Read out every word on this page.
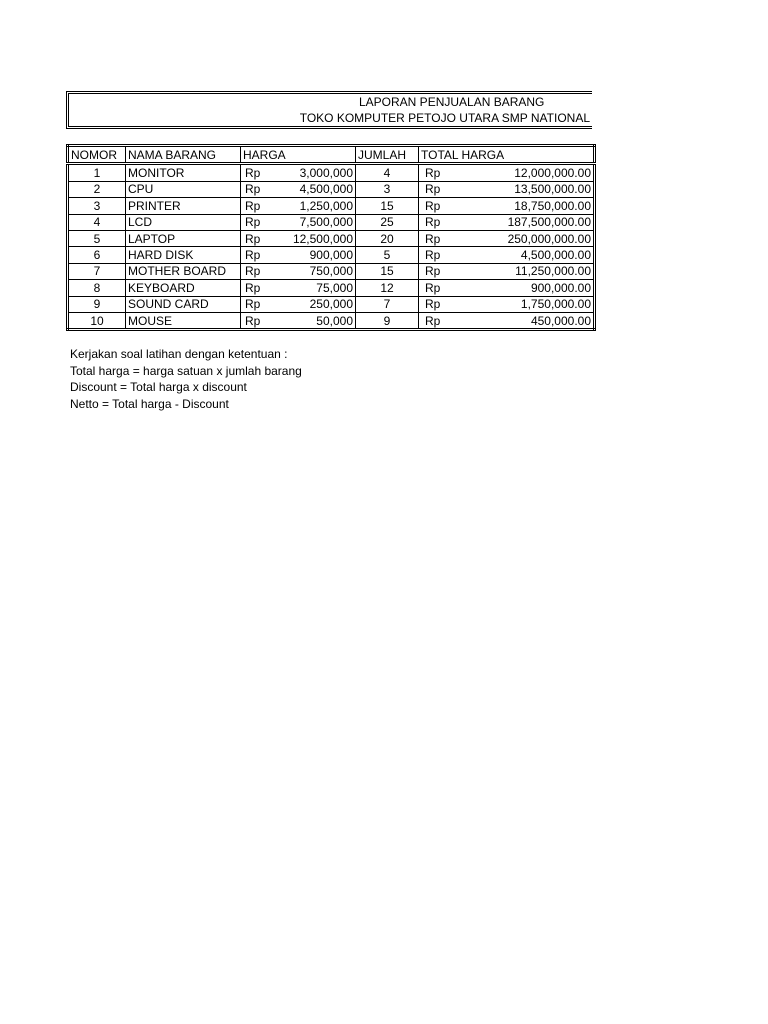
LAPORAN PENJUALAN BARANG
TOKO KOMPUTER PETOJO UTARA SMP NATIONAL
NOMOR	NAMA BARANG	HARGA		JUMLAH	TOTAL HARGA	
1	MONITOR	Rp	3,000,000	4	Rp	12,000,000.00
2	CPU	Rp	4,500,000	3	Rp	13,500,000.00
3	PRINTER	Rp	1,250,000	15	Rp	18,750,000.00
4	LCD	Rp	7,500,000	25	Rp	187,500,000.00
5	LAPTOP	Rp	12,500,000	20	Rp	250,000,000.00
6	HARD DISK	Rp	900,000	5	Rp	4,500,000.00
7	MOTHER BOARD	Rp	750,000	15	Rp	11,250,000.00
8	KEYBOARD	Rp	75,000	12	Rp	900,000.00
9	SOUND CARD	Rp	250,000	7	Rp	1,750,000.00
10	MOUSE	Rp	50,000	9	Rp	450,000.00
Kerjakan soal latihan dengan ketentuan :
Total harga = harga satuan x jumlah barang
Discount = Total harga x discount
Netto = Total harga - Discount
